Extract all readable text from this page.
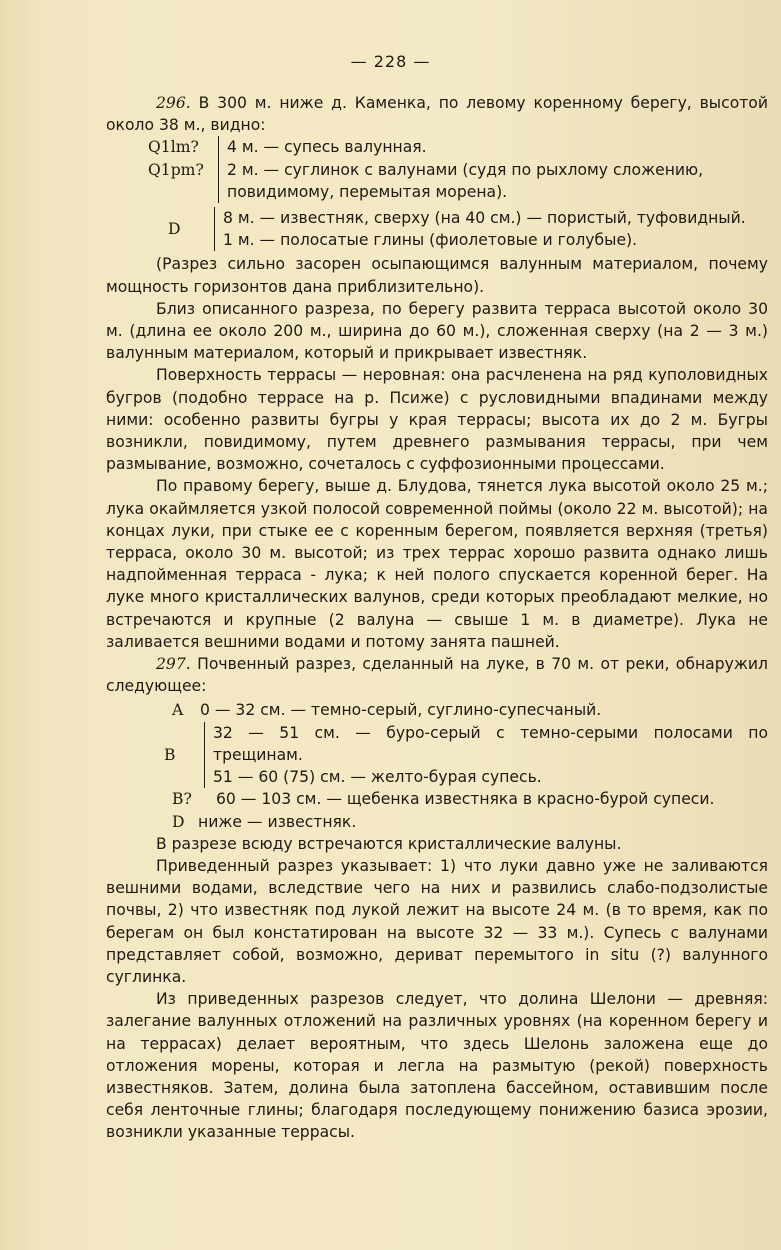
— 228 —

296. В 300 м. ниже д. Каменка, по левому коренному берегу, высотой около 38 м., видно:

Q1lm?	4 м. — супесь валунная.
Q1pm?	2 м. — суглинок с валунами (судя по рыхлому сложению, повидимому, перемытая морена).
D
8 м. — известняк, сверху (на 40 см.) — пористый, туфовидный.
1 м. — полосатые глины (фиолетовые и голубые).

(Разрез сильно засорен осыпающимся валунным материалом, почему мощность горизонтов дана приблизительно).

Близ описанного разреза, по берегу развита терраса высотой около 30 м. (длина ее около 200 м., ширина до 60 м.), сложенная сверху (на 2 — 3 м.) валунным материалом, который и прикрывает известняк.

Поверхность террасы — неровная: она расчленена на ряд куполовидных бугров (подобно террасе на р. Псиже) с русловидными впадинами между ними: особенно развиты бугры у края террасы; высота их до 2 м. Бугры возникли, повидимому, путем древнего размывания террасы, при чем размывание, возможно, сочеталось с суффозионными процессами.

По правому берегу, выше д. Блудова, тянется лука высотой около 25 м.; лука окаймляется узкой полосой современной поймы (около 22 м. высотой); на концах луки, при стыке ее с коренным берегом, появляется верхняя (третья) терраса, около 30 м. высотой; из трех террас хорошо развита однако лишь надпойменная терраса - лука; к ней полого спускается коренной берег. На луке много кристаллических валунов, среди которых преобладают мелкие, но встречаются и крупные (2 валуна — свыше 1 м. в диаметре). Лука не заливается вешними водами и потому занята пашней.

297. Почвенный разрез, сделанный на луке, в 70 м. от реки, обнаружил следующее:

A	0 — 32 см. — темно-серый, суглино-супесчаный.
B
32 — 51 см. — буро-серый с темно-серыми полосами по трещинам.
51 — 60 (75) см. — желто-бурая супесь.
B?	60 — 103 см. — щебенка известняка в красно-бурой супеси.
D ниже — известняк.

В разрезе всюду встречаются кристаллические валуны.

Приведенный разрез указывает: 1) что луки давно уже не заливаются вешними водами, вследствие чего на них и развились слабо-подзолистые почвы, 2) что известняк под лукой лежит на высоте 24 м. (в то время, как по берегам он был констатирован на высоте 32 — 33 м.). Супесь с валунами представляет собой, возможно, дериват перемытого in situ (?) валунного суглинка.

Из приведенных разрезов следует, что долина Шелони — древняя: залегание валунных отложений на различных уровнях (на коренном берегу и на террасах) делает вероятным, что здесь Шелонь заложена еще до отложения морены, которая и легла на размытую (рекой) поверхность известняков. Затем, долина была затоплена бассейном, оставившим после себя ленточные глины; благодаря последующему понижению базиса эрозии, возникли указанные террасы.
